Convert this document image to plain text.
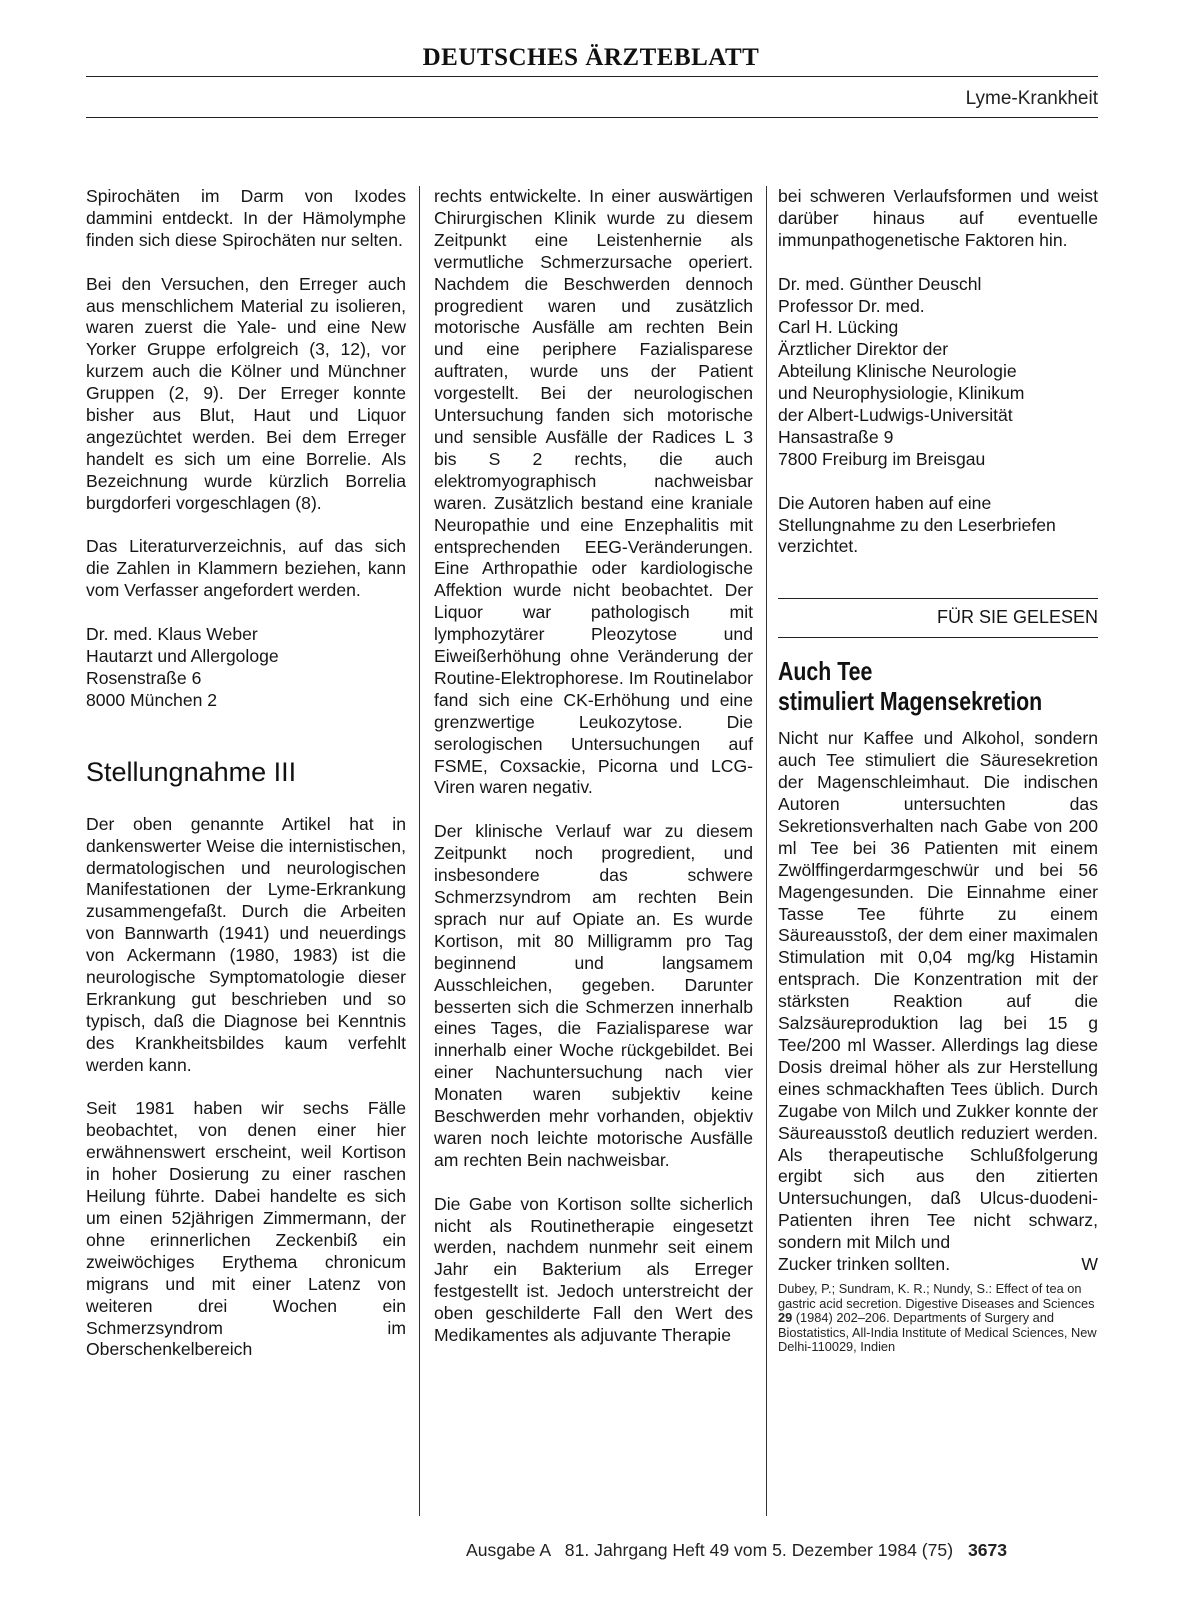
DEUTSCHES ÄRZTEBLATT
Lyme-Krankheit

Spirochäten im Darm von Ixodes dammini entdeckt. In der Hämolymphe finden sich diese Spirochäten nur selten.

Bei den Versuchen, den Erreger auch aus menschlichem Material zu isolieren, waren zuerst die Yale- und eine New Yorker Gruppe erfolgreich (3, 12), vor kurzem auch die Kölner und Münchner Gruppen (2, 9). Der Erreger konnte bisher aus Blut, Haut und Liquor angezüchtet werden. Bei dem Erreger handelt es sich um eine Borrelie. Als Bezeichnung wurde kürzlich Borrelia burgdorferi vorgeschlagen (8).

Das Literaturverzeichnis, auf das sich die Zahlen in Klammern beziehen, kann vom Verfasser angefordert werden.

Dr. med. Klaus Weber
Hautarzt und Allergologe
Rosenstraße 6
8000 München 2
Stellungnahme III

Der oben genannte Artikel hat in dankenswerter Weise die internistischen, dermatologischen und neurologischen Manifestationen der Lyme-Erkrankung zusammengefaßt. Durch die Arbeiten von Bannwarth (1941) und neuerdings von Ackermann (1980, 1983) ist die neurologische Symptomatologie dieser Erkrankung gut beschrieben und so typisch, daß die Diagnose bei Kenntnis des Krankheitsbildes kaum verfehlt werden kann.

Seit 1981 haben wir sechs Fälle beobachtet, von denen einer hier erwähnenswert erscheint, weil Kortison in hoher Dosierung zu einer raschen Heilung führte. Dabei handelte es sich um einen 52jährigen Zimmermann, der ohne erinnerlichen Zeckenbiß ein zweiwöchiges Erythema chronicum migrans und mit einer Latenz von weiteren drei Wochen ein Schmerzsyndrom im Oberschenkelbereich

rechts entwickelte. In einer auswärtigen Chirurgischen Klinik wurde zu diesem Zeitpunkt eine Leistenhernie als vermutliche Schmerzursache operiert. Nachdem die Beschwerden dennoch progredient waren und zusätzlich motorische Ausfälle am rechten Bein und eine periphere Fazialisparese auftraten, wurde uns der Patient vorgestellt. Bei der neurologischen Untersuchung fanden sich motorische und sensible Ausfälle der Radices L 3 bis S 2 rechts, die auch elektromyographisch nachweisbar waren. Zusätzlich bestand eine kraniale Neuropathie und eine Enzephalitis mit entsprechenden EEG-Veränderungen. Eine Arthropathie oder kardiologische Affektion wurde nicht beobachtet. Der Liquor war pathologisch mit lymphozytärer Pleozytose und Eiweißerhöhung ohne Veränderung der Routine-Elektrophorese. Im Routinelabor fand sich eine CK-Erhöhung und eine grenzwertige Leukozytose. Die serologischen Untersuchungen auf FSME, Coxsackie, Picorna und LCG-Viren waren negativ.

Der klinische Verlauf war zu diesem Zeitpunkt noch progredient, und insbesondere das schwere Schmerzsyndrom am rechten Bein sprach nur auf Opiate an. Es wurde Kortison, mit 80 Milligramm pro Tag beginnend und langsamem Ausschleichen, gegeben. Darunter besserten sich die Schmerzen innerhalb eines Tages, die Fazialisparese war innerhalb einer Woche rückgebildet. Bei einer Nachuntersuchung nach vier Monaten waren subjektiv keine Beschwerden mehr vorhanden, objektiv waren noch leichte motorische Ausfälle am rechten Bein nachweisbar.

Die Gabe von Kortison sollte sicherlich nicht als Routinetherapie eingesetzt werden, nachdem nunmehr seit einem Jahr ein Bakterium als Erreger festgestellt ist. Jedoch unterstreicht der oben geschilderte Fall den Wert des Medikamentes als adjuvante Therapie

bei schweren Verlaufsformen und weist darüber hinaus auf eventuelle immunpathogenetische Faktoren hin.

Dr. med. Günther Deuschl
Professor Dr. med.
Carl H. Lücking
Ärztlicher Direktor der
Abteilung Klinische Neurologie
und Neurophysiologie, Klinikum
der Albert-Ludwigs-Universität
Hansastraße 9
7800 Freiburg im Breisgau

Die Autoren haben auf eine Stellungnahme zu den Leserbriefen verzichtet.

FÜR SIE GELESEN
Auch Tee
stimuliert Magensekretion

Nicht nur Kaffee und Alkohol, sondern auch Tee stimuliert die Säuresekretion der Magenschleimhaut. Die indischen Autoren untersuchten das Sekretionsverhalten nach Gabe von 200 ml Tee bei 36 Patienten mit einem Zwölffingerdarmgeschwür und bei 56 Magengesunden. Die Einnahme einer Tasse Tee führte zu einem Säureausstoß, der dem einer maximalen Stimulation mit 0,04 mg/kg Histamin entsprach. Die Konzentration mit der stärksten Reaktion auf die Salzsäureproduktion lag bei 15 g Tee/200 ml Wasser. Allerdings lag diese Dosis dreimal höher als zur Herstellung eines schmackhaften Tees üblich. Durch Zugabe von Milch und Zukker konnte der Säureausstoß deutlich reduziert werden. Als therapeutische Schlußfolgerung ergibt sich aus den zitierten Untersuchungen, daß Ulcus-duodeni-Patienten ihren Tee nicht schwarz, sondern mit Milch und

Zucker trinken sollten.	W
Dubey, P.; Sundram, K. R.; Nundy, S.: Effect of tea on gastric acid secretion. Digestive Diseases and Sciences 29 (1984) 202–206. Departments of Surgery and Biostatistics, All-India Institute of Medical Sciences, New Delhi-110029, Indien
Ausgabe A   81. Jahrgang Heft 49 vom 5. Dezember 1984 (75) 3673
